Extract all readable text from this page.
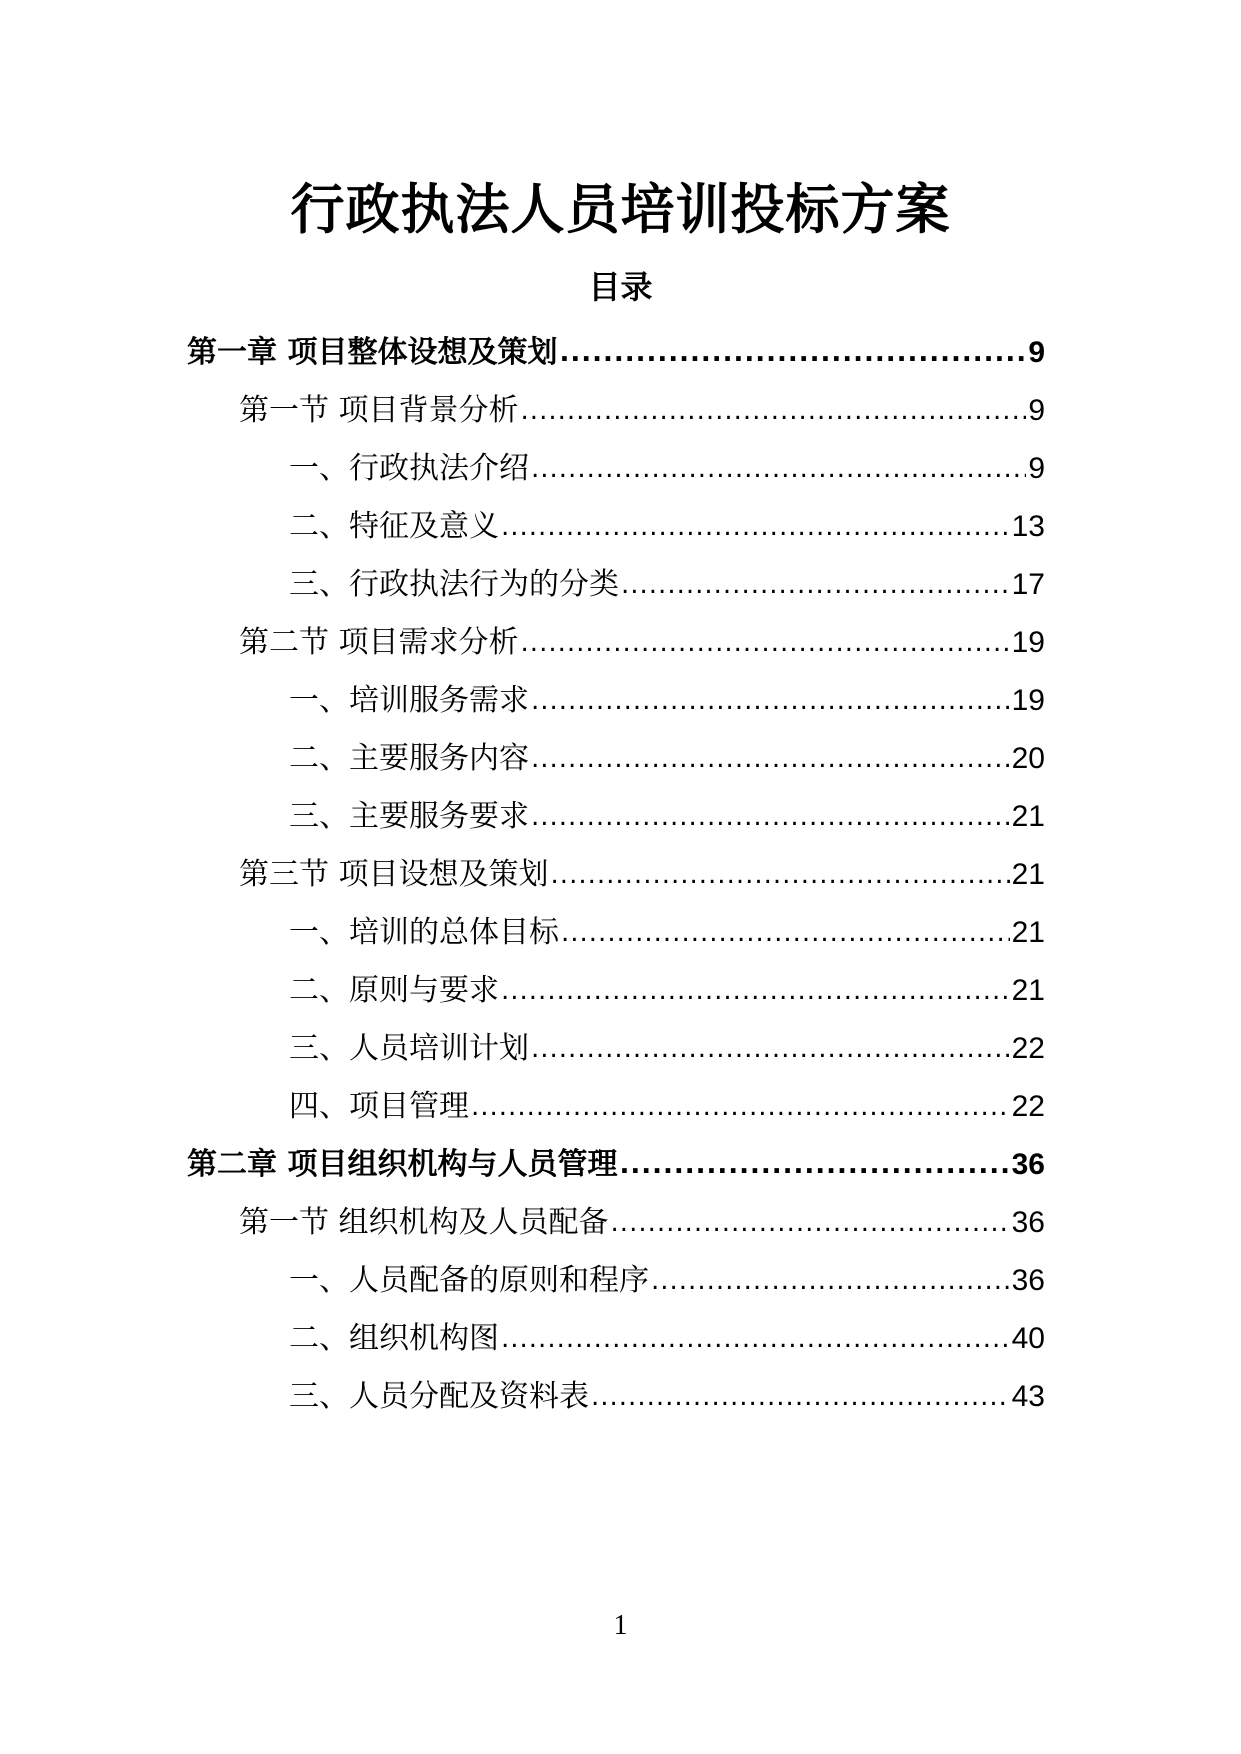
行政执法人员培训投标方案
目录
第一章 项目整体设想及策划 .....	9
第一节 项目背景分析 .....	9
一、行政执法介绍 .....	9
二、特征及意义 .....	13
三、行政执法行为的分类 .....	17
第二节 项目需求分析 .....	19
一、培训服务需求 .....	19
二、主要服务内容 .....	20
三、主要服务要求 .....	21
第三节 项目设想及策划 .....	21
一、培训的总体目标 .....	21
二、原则与要求 .....	21
三、人员培训计划 .....	22
四、项目管理 .....	22
第二章 项目组织机构与人员管理 .....	36
第一节 组织机构及人员配备 .....	36
一、人员配备的原则和程序 .....	36
二、组织机构图 .....	40
三、人员分配及资料表 .....	43
1
